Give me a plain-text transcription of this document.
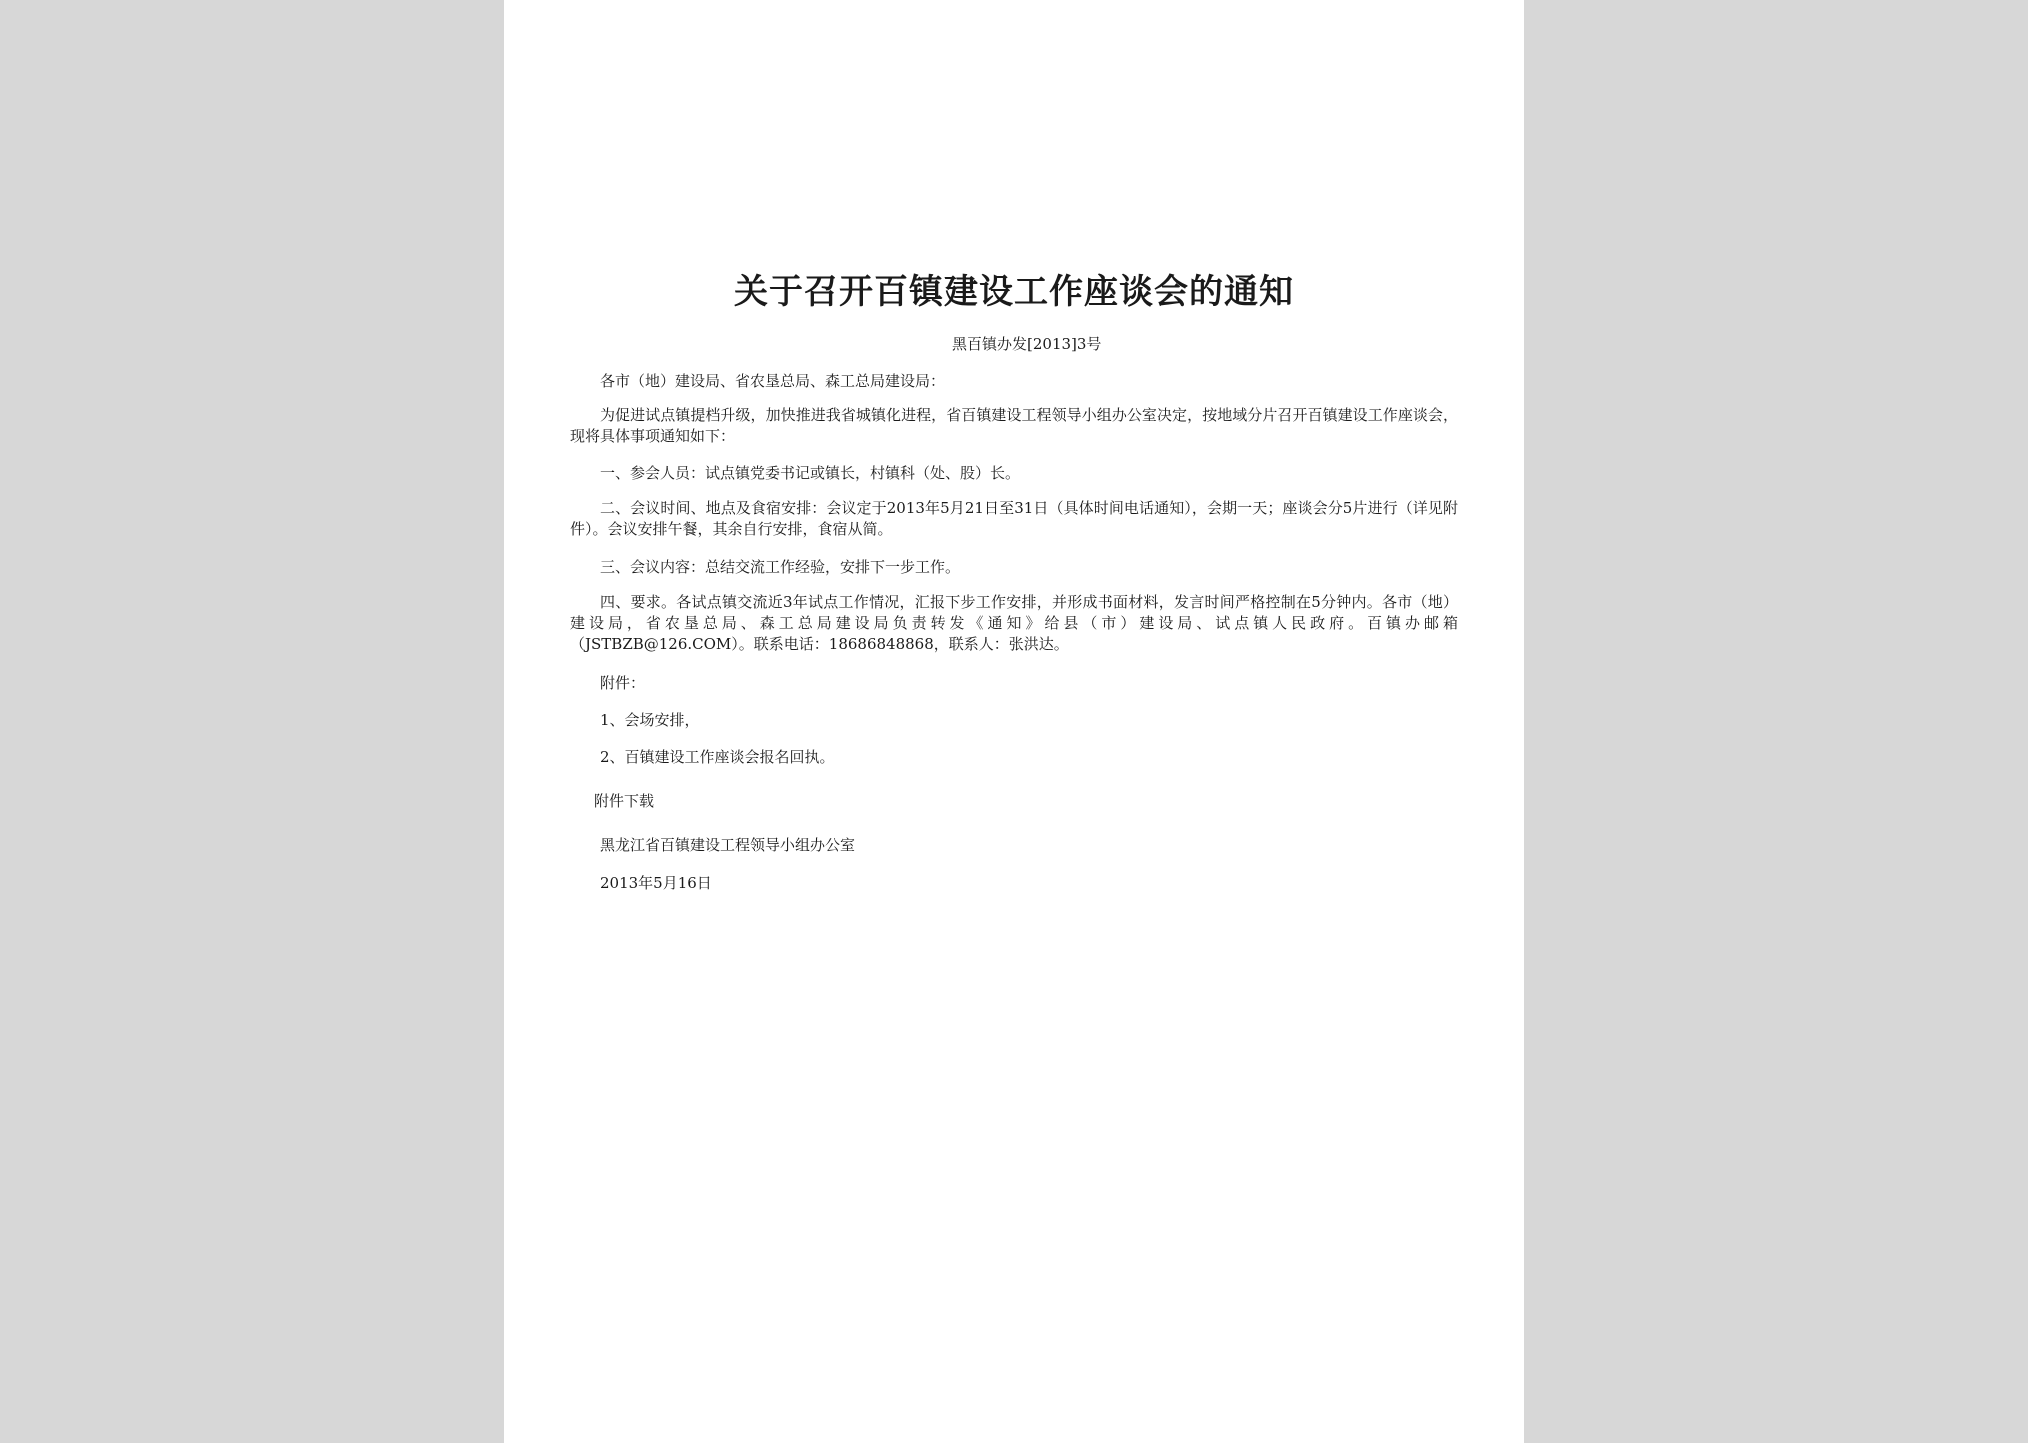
关于召开百镇建设工作座谈会的通知
黑百镇办发[2013]3号
各市（地）建设局、省农垦总局、森工总局建设局：
为促进试点镇提档升级，加快推进我省城镇化进程，省百镇建设工程领导小组办公室决定，按地域分片召开百镇建设工作座谈会，现将具体事项通知如下：
一、参会人员：试点镇党委书记或镇长，村镇科（处、股）长。
二、会议时间、地点及食宿安排：会议定于2013年5月21日至31日（具体时间电话通知），会期一天；座谈会分5片进行（详见附件）。会议安排午餐，其余自行安排，食宿从简。
三、会议内容：总结交流工作经验，安排下一步工作。
四、要求。各试点镇交流近3年试点工作情况，汇报下步工作安排，并形成书面材料，发言时间严格控制在5分钟内。各市（地）建设局，省农垦总局、森工总局建设局负责转发《通知》给县（市）建设局、试点镇人民政府。百镇办邮箱（JSTBZB@126.COM）。联系电话：18686848868，联系人：张洪达。
附件：
1、会场安排，
2、百镇建设工作座谈会报名回执。
附件下载
黑龙江省百镇建设工程领导小组办公室
2013年5月16日
